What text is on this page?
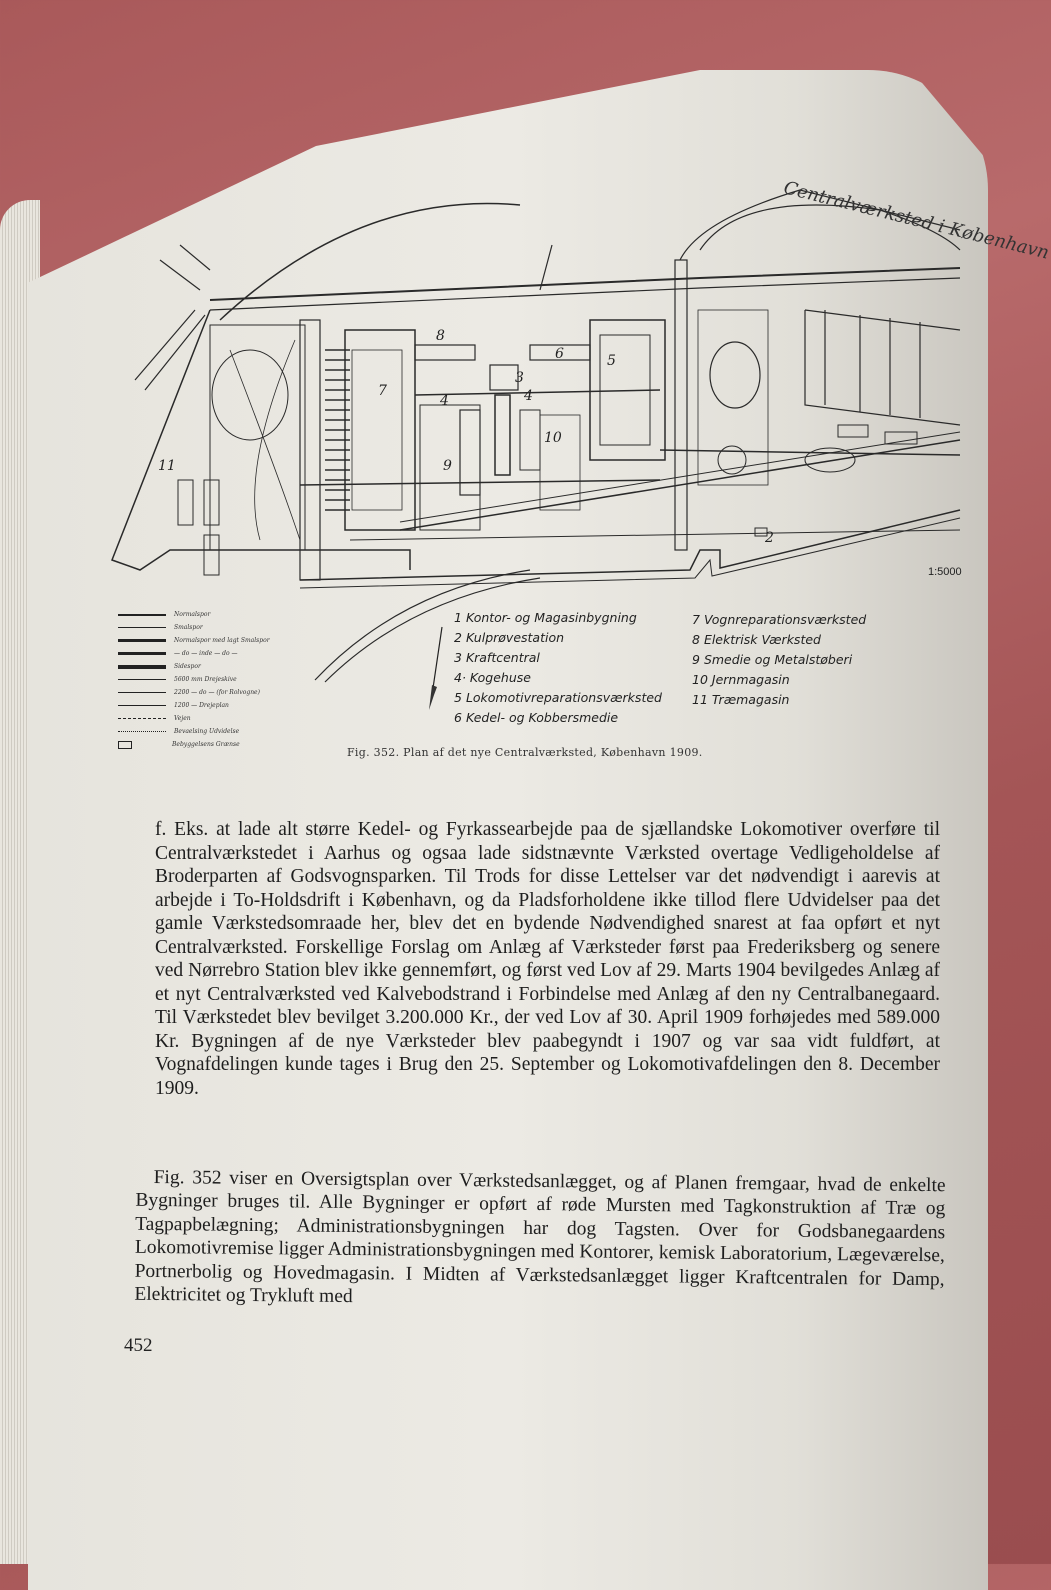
2
3
4	4
5
6
7
8
9
10
11
Centralværksted i København
1:5000
Normalspor
Smalspor
Normalspor med lagt Smalspor
— do — inde — do —
Sidespor
5600 mm Drejeskive
2200 — do — (for Rolvogne)
1200 — Drejeplan
Vejen
Bevaelsing Udvidelse
Bebyggelsens Grænse
1 Kontor- og Magasinbygning
2 Kulprøvestation
3 Kraftcentral
4· Kogehuse
5 Lokomotivreparationsværksted
6 Kedel- og Kobbersmedie
7 Vognreparationsværksted
8 Elektrisk Værksted
9 Smedie og Metalstøberi
10 Jernmagasin
11 Træmagasin
Fig. 352. Plan af det nye Centralværksted, København 1909.

f. Eks. at lade alt større Kedel- og Fyrkassearbejde paa de sjællandske Lokomotiver overføre til Centralværkstedet i Aarhus og ogsaa lade sidstnævnte Værksted overtage Vedligeholdelse af Broderparten af Godsvognsparken. Til Trods for disse Lettelser var det nødvendigt i aarevis at arbejde i To-Holdsdrift i København, og da Pladsforholdene ikke tillod flere Udvidelser paa det gamle Værkstedsomraade her, blev det en bydende Nødvendighed snarest at faa opført et nyt Centralværksted. Forskellige Forslag om Anlæg af Værksteder først paa Frederiksberg og senere ved Nørrebro Station blev ikke gennemført, og først ved Lov af 29. Marts 1904 bevilgedes Anlæg af et nyt Centralværksted ved Kalvebodstrand i Forbindelse med Anlæg af den ny Centralbanegaard. Til Værkstedet blev bevilget 3.200.000 Kr., der ved Lov af 30. April 1909 forhøjedes med 589.000 Kr. Bygningen af de nye Værksteder blev paabegyndt i 1907 og var saa vidt fuldført, at Vognafdelingen kunde tages i Brug den 25. September og Lokomotivafdelingen den 8. December 1909.

Fig. 352 viser en Oversigtsplan over Værkstedsanlægget, og af Planen fremgaar, hvad de enkelte Bygninger bruges til. Alle Bygninger er opført af røde Mursten med Tagkonstruktion af Træ og Tagpapbelægning; Administrationsbygningen har dog Tagsten. Over for Godsbanegaardens Lokomotivremise ligger Administrationsbygningen med Kontorer, kemisk Laboratorium, Lægeværelse, Portnerbolig og Hovedmagasin. I Midten af Værkstedsanlægget ligger Kraftcentralen for Damp, Elektricitet og Trykluft med

452
